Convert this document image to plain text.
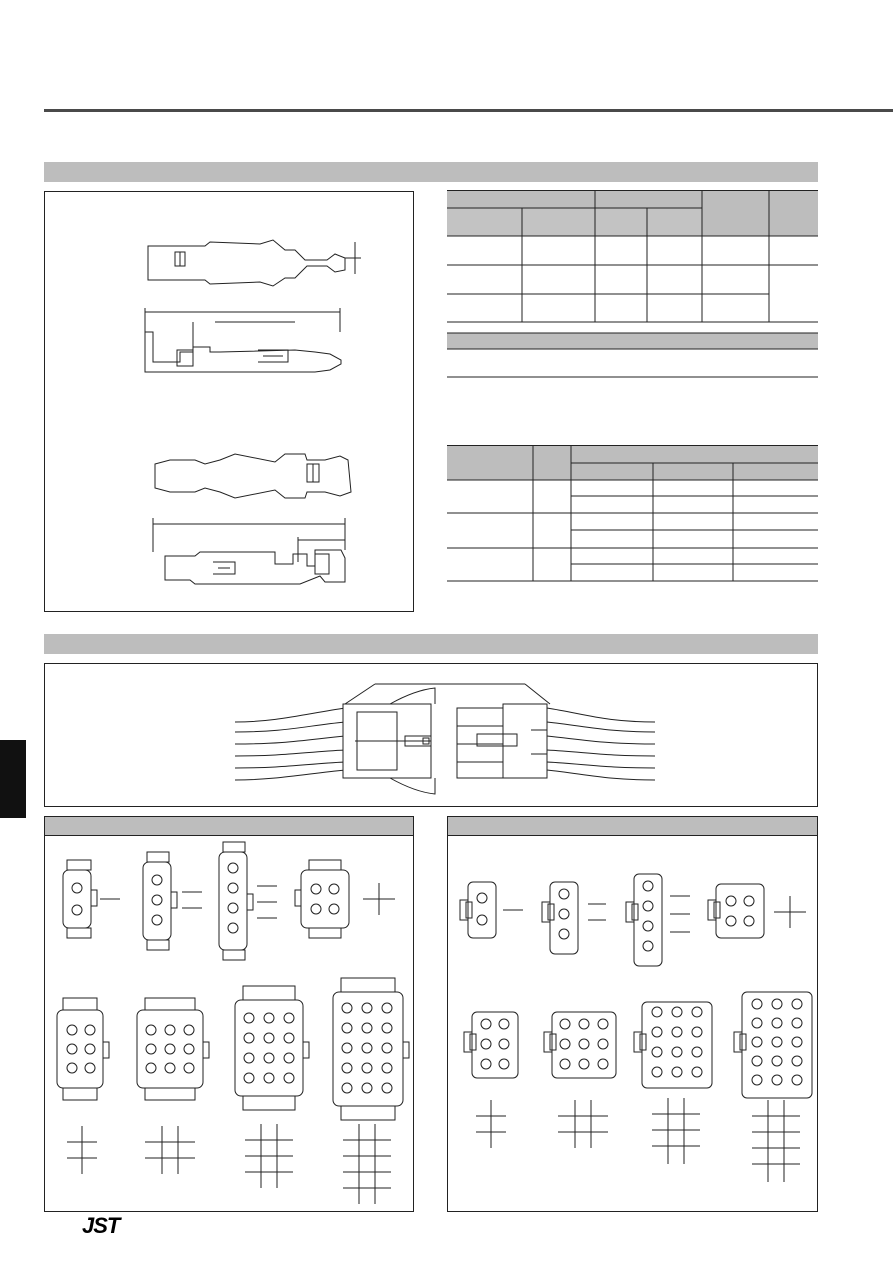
JST
